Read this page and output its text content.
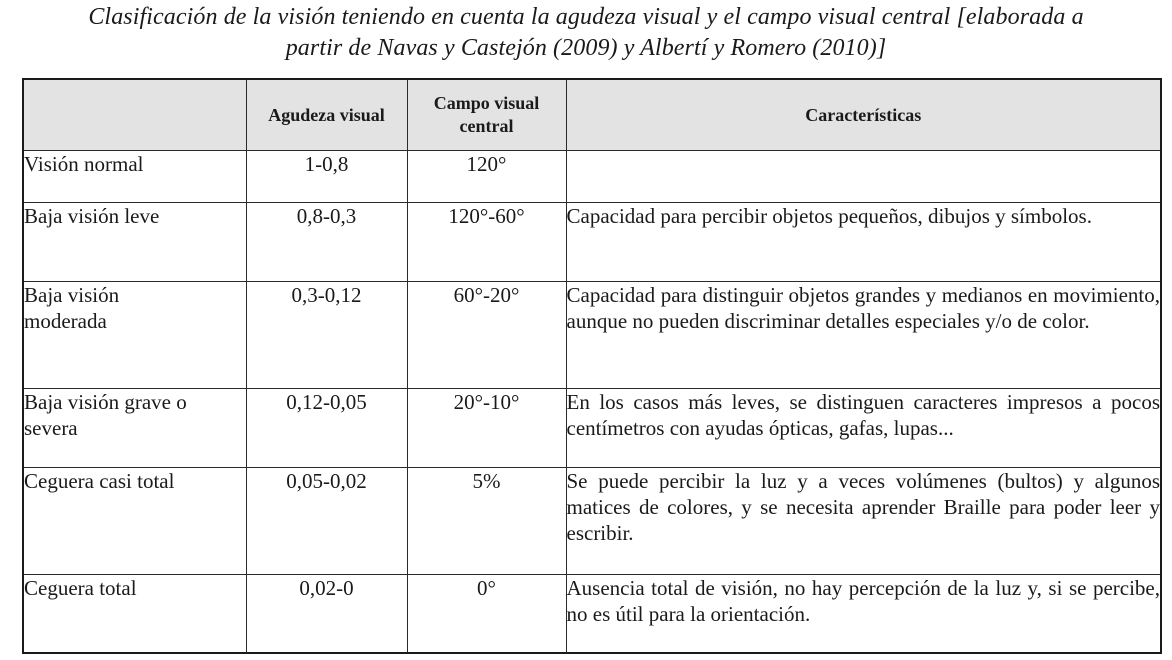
Clasificación de la visión teniendo en cuenta la agudeza visual y el campo visual central [elaborada a
partir de Navas y Castejón (2009) y Albertí y Romero (2010)]
	Agudeza visual	Campo visual central	Características
Visión normal	1-0,8	120°	
Baja visión leve	0,8-0,3	120°-60°	Capacidad para percibir objetos pequeños, dibujos y símbolos.

Baja visión moderada	0,3-0,12	60°-20°	Capacidad para distinguir objetos grandes y medianos en movimiento, aunque no pueden discriminar detalles especiales y/o de color.

Baja visión grave o severa	0,12-0,05	20°-10°	En los casos más leves, se distinguen caracteres impresos a pocos centímetros con ayudas ópticas, gafas, lupas...
Ceguera casi total	0,05-0,02	5%	Se puede percibir la luz y a veces volúmenes (bultos) y algunos matices de colores, y se necesita aprender Braille para poder leer y escribir.
Ceguera total	0,02-0	0°	Ausencia total de visión, no hay percepción de la luz y, si se percibe, no es útil para la orientación.
